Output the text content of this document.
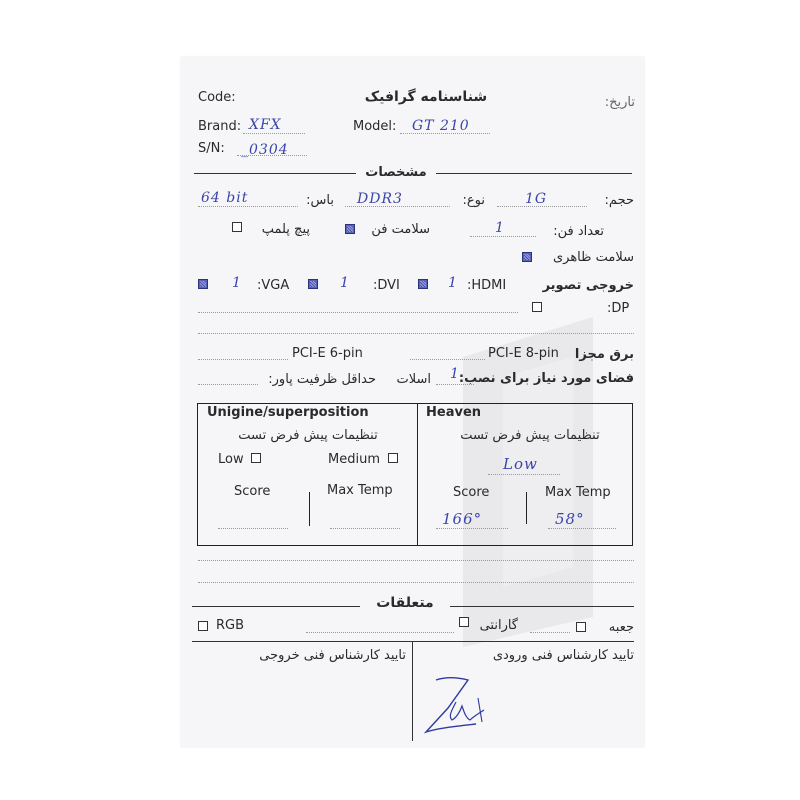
Code:	شناسنامه گرافیک	تاریخ:
Brand: XFX	Model: GT 210
S/N: _0304
مشخصات
حجم:
1G
نوع:
DDR3
باس:
64 bit
تعداد فن:
1
سلامت فن
پیچ پلمپ
سلامت ظاهری
خروجی تصویر
:HDMI
1
:DVI
1
:VGA
1
:DP
برق مجزا
PCI-E 8-pin
PCI-E 6-pin
فضای مورد نیاز برای نصب:
1
اسلات
حداقل ظرفیت پاور:
Unigine/superposition
تنظیمات پیش فرض تست
Low	Medium
Score	Max Temp
Heaven
تنظیمات پیش فرض تست
Low
Score	Max Temp
166°	58°
متعلقات
جعبه
گارانتی
RGB
تایید کارشناس فنی ورودی
تایید کارشناس فنی خروجی
